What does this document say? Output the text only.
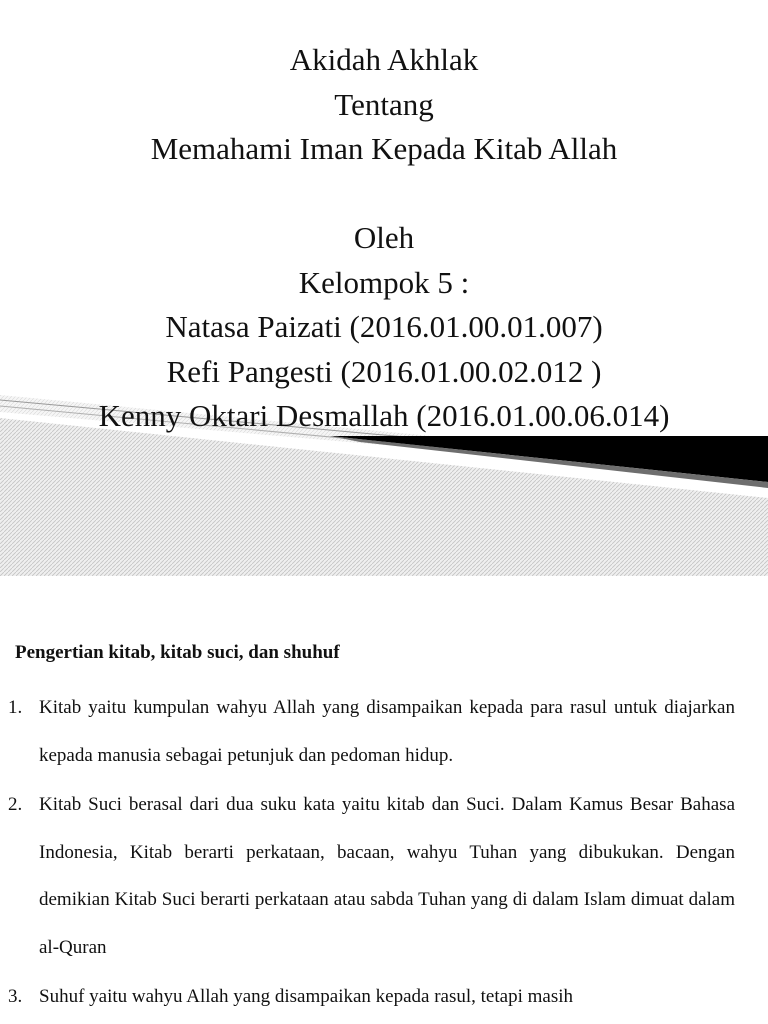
Akidah Akhlak
Tentang
Memahami Iman Kepada Kitab Allah
Oleh
Kelompok 5 :
Natasa Paizati (2016.01.00.01.007)
Refi Pangesti (2016.01.00.02.012 )
Kenny Oktari Desmallah (2016.01.00.06.014)
Pengertian kitab, kitab suci, dan shuhuf
1. Kitab yaitu kumpulan wahyu Allah yang disampaikan kepada para rasul untuk diajarkan kepada manusia sebagai petunjuk dan pedoman hidup.
2. Kitab Suci berasal dari dua suku kata yaitu kitab dan Suci. Dalam Kamus Besar Bahasa Indonesia, Kitab berarti perkataan, bacaan, wahyu Tuhan yang dibukukan. Dengan demikian Kitab Suci berarti perkataan atau sabda Tuhan yang di dalam Islam dimuat dalam al-Quran
3. Suhuf yaitu wahyu Allah yang disampaikan kepada rasul, tetapi masih
